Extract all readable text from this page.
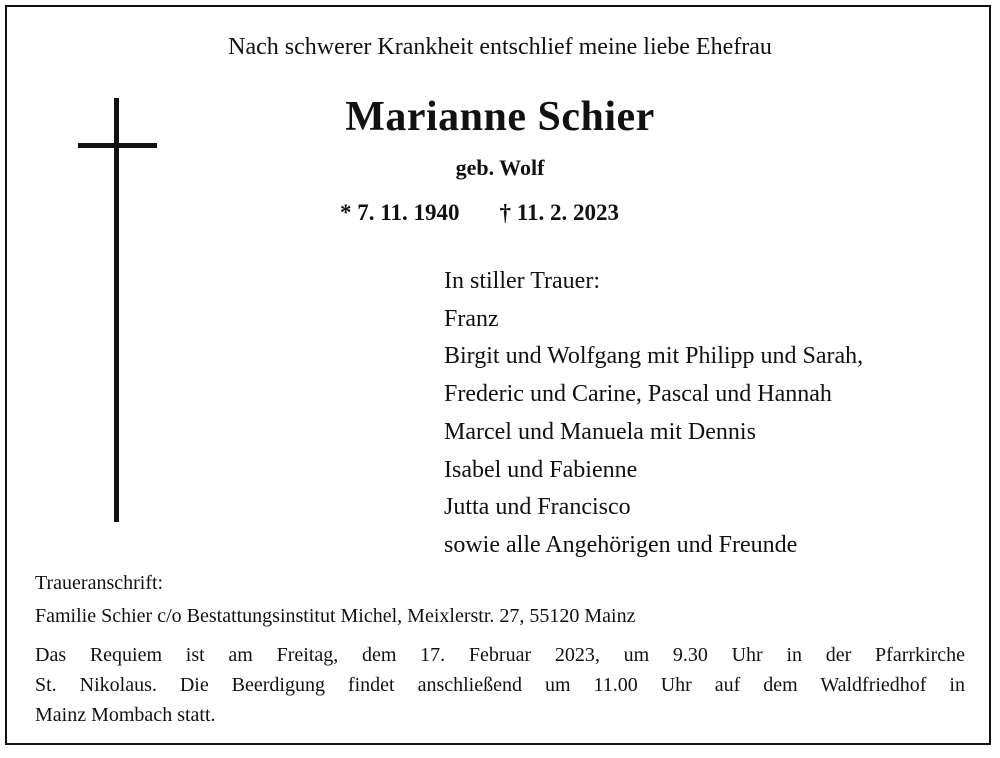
Nach schwerer Krankheit entschlief meine liebe Ehefrau
Marianne Schier
geb. Wolf
* 7. 11. 1940 † 11. 2. 2023
In stiller Trauer:
Franz
Birgit und Wolfgang mit Philipp und Sarah,
Frederic und Carine, Pascal und Hannah
Marcel und Manuela mit Dennis
Isabel und Fabienne
Jutta und Francisco
sowie alle Angehörigen und Freunde
Traueranschrift:
Familie Schier c/o Bestattungsinstitut Michel, Meixlerstr. 27, 55120 Mainz
Das Requiem ist am Freitag, dem 17. Februar 2023, um 9.30 Uhr in der Pfarrkirche
St. Nikolaus. Die Beerdigung findet anschließend um 11.00 Uhr auf dem Waldfriedhof in
Mainz Mombach statt.
